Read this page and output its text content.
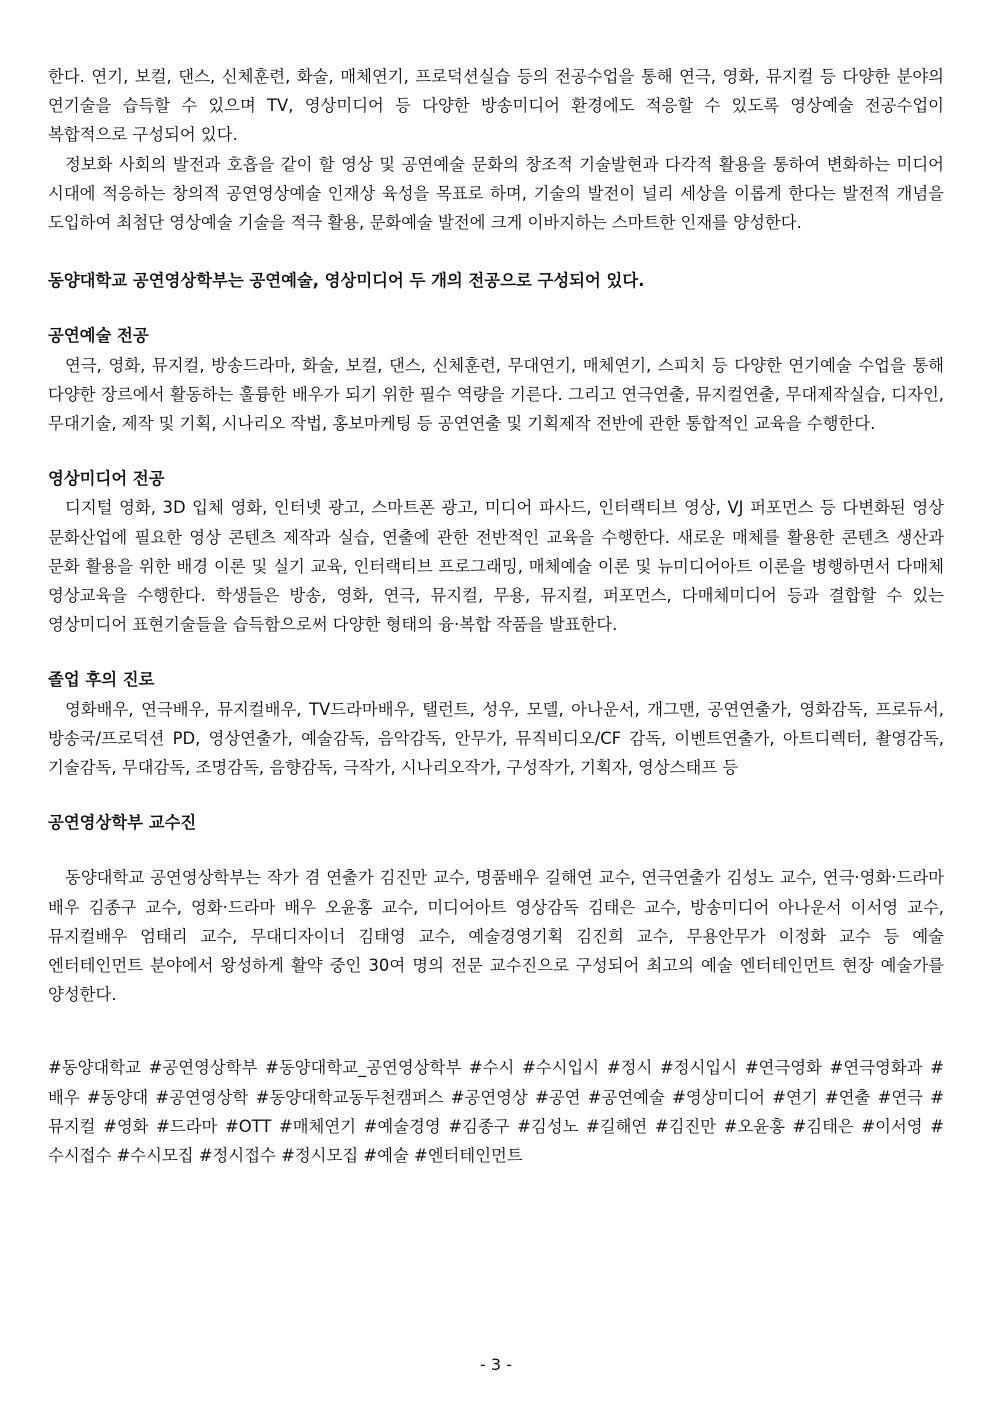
한다. 연기, 보컬, 댄스, 신체훈련, 화술, 매체연기, 프로덕션실습 등의 전공수업을 통해 연극, 영화, 뮤지컬 등 다양한 분야의 연기술을 습득할 수 있으며 TV, 영상미디어 등 다양한 방송미디어 환경에도 적응할 수 있도록 영상예술 전공수업이 복합적으로 구성되어 있다.

정보화 사회의 발전과 호흡을 같이 할 영상 및 공연예술 문화의 창조적 기술발현과 다각적 활용을 통하여 변화하는 미디어 시대에 적응하는 창의적 공연영상예술 인재상 육성을 목표로 하며, 기술의 발전이 널리 세상을 이롭게 한다는 발전적 개념을 도입하여 최첨단 영상예술 기술을 적극 활용, 문화예술 발전에 크게 이바지하는 스마트한 인재를 양성한다.

동양대학교 공연영상학부는 공연예술, 영상미디어 두 개의 전공으로 구성되어 있다.

공연예술 전공

연극, 영화, 뮤지컬, 방송드라마, 화술, 보컬, 댄스, 신체훈련, 무대연기, 매체연기, 스피치 등 다양한 연기예술 수업을 통해 다양한 장르에서 활동하는 훌륭한 배우가 되기 위한 필수 역량을 기른다. 그리고 연극연출, 뮤지컬연출, 무대제작실습, 디자인, 무대기술, 제작 및 기획, 시나리오 작법, 홍보마케팅 등 공연연출 및 기획제작 전반에 관한 통합적인 교육을 수행한다.

영상미디어 전공

디지털 영화, 3D 입체 영화, 인터넷 광고, 스마트폰 광고, 미디어 파사드, 인터랙티브 영상, VJ 퍼포먼스 등 다변화된 영상 문화산업에 필요한 영상 콘텐츠 제작과 실습, 연출에 관한 전반적인 교육을 수행한다. 새로운 매체를 활용한 콘텐츠 생산과 문화 활용을 위한 배경 이론 및 실기 교육, 인터랙티브 프로그래밍, 매체예술 이론 및 뉴미디어아트 이론을 병행하면서 다매체 영상교육을 수행한다. 학생들은 방송, 영화, 연극, 뮤지컬, 무용, 뮤지컬, 퍼포먼스, 다매체미디어 등과 결합할 수 있는 영상미디어 표현기술들을 습득함으로써 다양한 형태의 융·복합 작품을 발표한다.

졸업 후의 진로

영화배우, 연극배우, 뮤지컬배우, TV드라마배우, 탤런트, 성우, 모델, 아나운서, 개그맨, 공연연출가, 영화감독, 프로듀서, 방송국/프로덕션 PD, 영상연출가, 예술감독, 음악감독, 안무가, 뮤직비디오/CF 감독, 이벤트연출가, 아트디렉터, 촬영감독, 기술감독, 무대감독, 조명감독, 음향감독, 극작가, 시나리오작가, 구성작가, 기획자, 영상스태프 등

공연영상학부 교수진

동양대학교 공연영상학부는 작가 겸 연출가 김진만 교수, 명품배우 길해연 교수, 연극연출가 김성노 교수, 연극·영화·드라마 배우 김종구 교수, 영화·드라마 배우 오윤홍 교수, 미디어아트 영상감독 김태은 교수, 방송미디어 아나운서 이서영 교수, 뮤지컬배우 엄태리 교수, 무대디자이너 김태영 교수, 예술경영기획 김진희 교수, 무용안무가 이정화 교수 등 예술 엔터테인먼트 분야에서 왕성하게 활약 중인 30여 명의 전문 교수진으로 구성되어 최고의 예술 엔터테인먼트 현장 예술가를 양성한다.

#동양대학교 #공연영상학부 #동양대학교_공연영상학부 #수시 #수시입시 #정시 #정시입시 #연극영화 #연극영화과 #배우 #동양대 #공연영상학 #동양대학교동두천캠퍼스 #공연영상 #공연 #공연예술 #영상미디어 #연기 #연출 #연극 #뮤지컬 #영화 #드라마 #OTT #매체연기 #예술경영 #김종구 #김성노 #길해연 #김진만 #오윤홍 #김태은 #이서영 #수시접수 #수시모집 #정시접수 #정시모집 #예술 #엔터테인먼트

- 3 -
